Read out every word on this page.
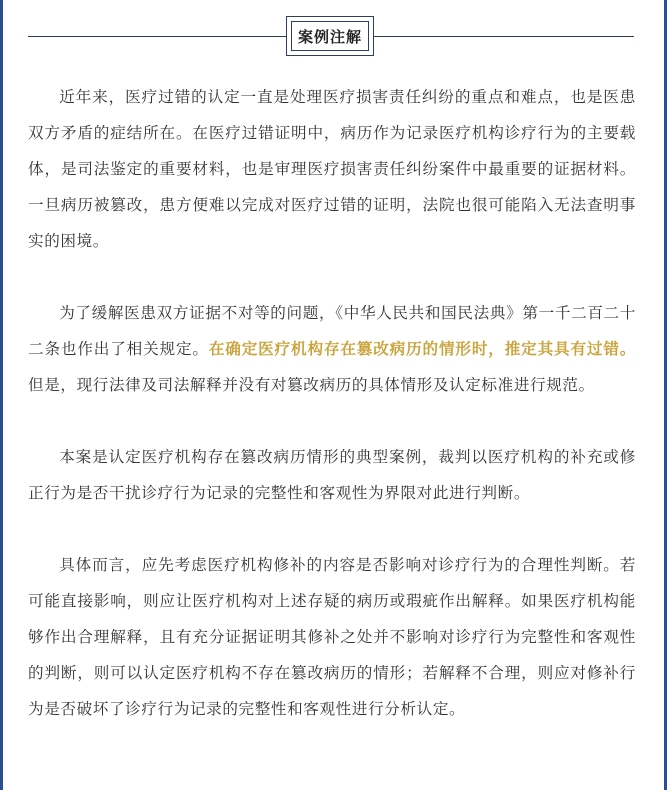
案例注解

近年来，医疗过错的认定一直是处理医疗损害责任纠纷的重点和难点，也是医患双方矛盾的症结所在。在医疗过错证明中，病历作为记录医疗机构诊疗行为的主要载体，是司法鉴定的重要材料，也是审理医疗损害责任纠纷案件中最重要的证据材料。一旦病历被篡改，患方便难以完成对医疗过错的证明，法院也很可能陷入无法查明事实的困境。

为了缓解医患双方证据不对等的问题，《中华人民共和国民法典》第一千二百二十二条也作出了相关规定。在确定医疗机构存在篡改病历的情形时，推定其具有过错。但是，现行法律及司法解释并没有对篡改病历的具体情形及认定标准进行规范。

本案是认定医疗机构存在篡改病历情形的典型案例，裁判以医疗机构的补充或修正行为是否干扰诊疗行为记录的完整性和客观性为界限对此进行判断。

具体而言，应先考虑医疗机构修补的内容是否影响对诊疗行为的合理性判断。若可能直接影响，则应让医疗机构对上述存疑的病历或瑕疵作出解释。如果医疗机构能够作出合理解释，且有充分证据证明其修补之处并不影响对诊疗行为完整性和客观性的判断，则可以认定医疗机构不存在篡改病历的情形；若解释不合理，则应对修补行为是否破坏了诊疗行为记录的完整性和客观性进行分析认定。
